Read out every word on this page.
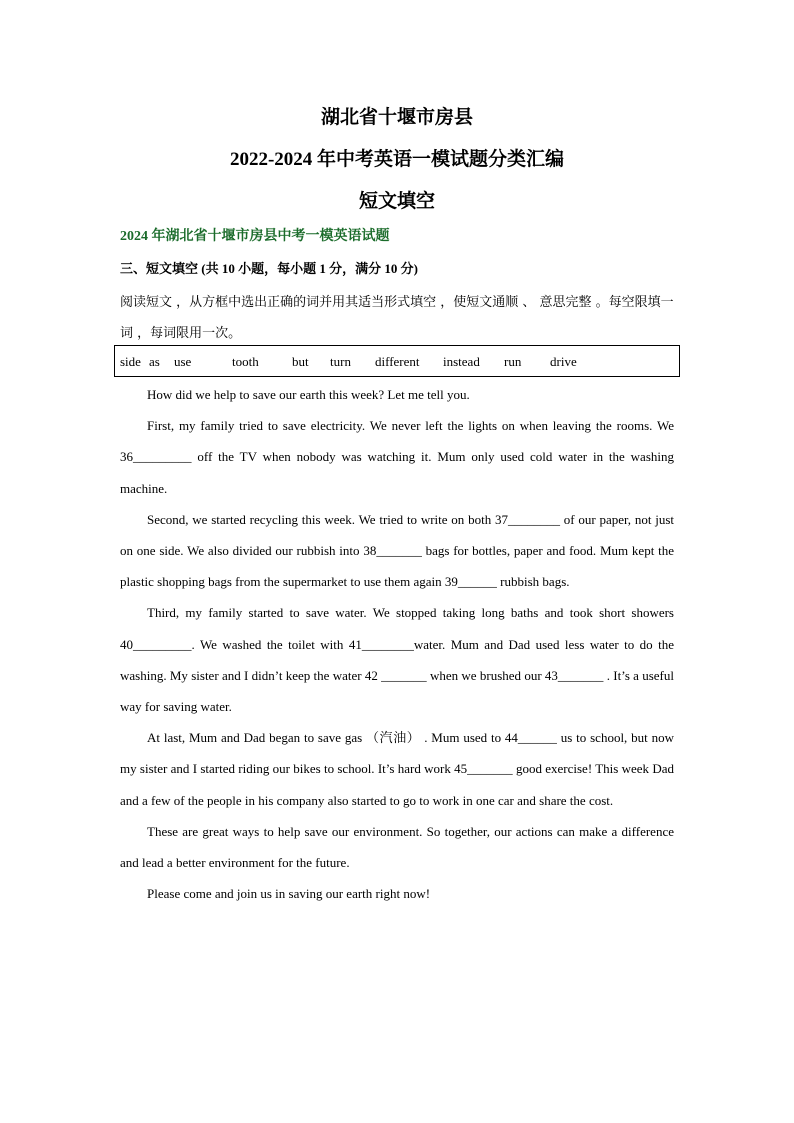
湖北省十堰市房县
2022-2024 年中考英语一模试题分类汇编
短文填空
2024 年湖北省十堰市房县中考一模英语试题
三、短文填空 (共 10 小题，每小题 1 分，满分 10 分)

阅读短文 ，从方框中选出正确的词并用其适当形式填空 ，使短文通顺 、 意思完整 。每空限填一词 ，每词限用一次。

side as use	tooth	but turn different instead run drive

How did we help to save our earth this week? Let me tell you.

First, my family tried to save electricity. We never left the lights on when leaving the rooms. We 36_________ off the TV when nobody was watching it. Mum only used cold water in the washing machine.

Second, we started recycling this week. We tried to write on both 37________ of our paper, not just on one side. We also divided our rubbish into 38_______ bags for bottles, paper and food. Mum kept the plastic shopping bags from the supermarket to use them again 39______ rubbish bags.

Third, my family started to save water. We stopped taking long baths and took short showers 40_________. We washed the toilet with 41________water. Mum and Dad used less water to do the washing. My sister and I didn’t keep the water 42 _______ when we brushed our 43_______ . It’s a useful way for saving water.

At last, Mum and Dad began to save gas （汽油） . Mum used to 44______ us to school, but now my sister and I started riding our bikes to school. It’s hard work 45_______ good exercise! This week Dad and a few of the people in his company also started to go to work in one car and share the cost.

These are great ways to help save our environment. So together, our actions can make a difference and lead a better environment for the future.

Please come and join us in saving our earth right now!
